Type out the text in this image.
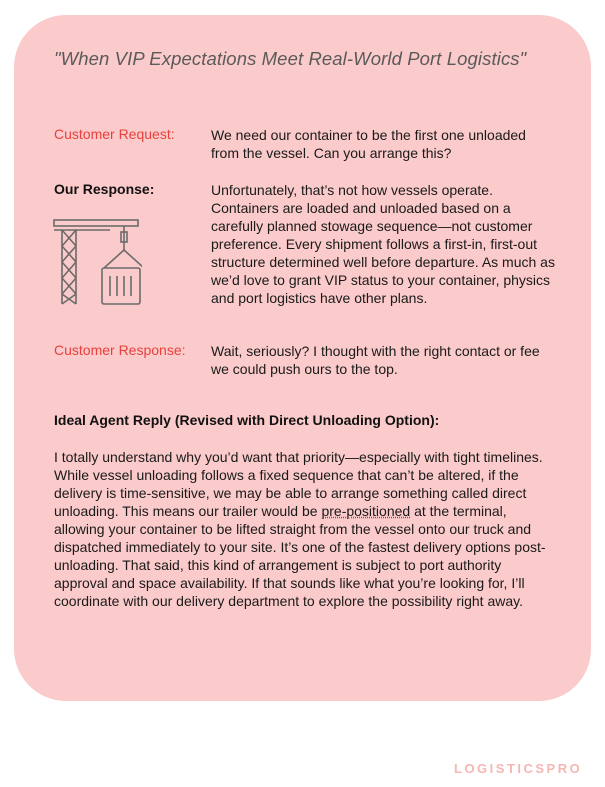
"When VIP Expectations Meet Real-World Port Logistics"
Customer Request:	We need our container to be the first one unloaded from the vessel. Can you arrange this?
Our Response:	Unfortunately, that’s not how vessels operate. Containers are loaded and unloaded based on a carefully planned stowage sequence—not customer preference. Every shipment follows a first-in, first-out structure determined well before departure. As much as we’d love to grant VIP status to your container, physics and port logistics have other plans.
Customer Response: Wait, seriously? I thought with the right contact or fee we could push ours to the top.
Ideal Agent Reply (Revised with Direct Unloading Option):

I totally understand why you’d want that priority—especially with tight timelines. While vessel unloading follows a fixed sequence that can’t be altered, if the delivery is time-sensitive, we may be able to arrange something called direct unloading. This means our trailer would be pre-positioned at the terminal, allowing your container to be lifted straight from the vessel onto our truck and dispatched immediately to your site. It’s one of the fastest delivery options post-unloading. That said, this kind of arrangement is subject to port authority approval and space availability. If that sounds like what you’re looking for, I’ll coordinate with our delivery department to explore the possibility right away.

LOGISTICSPRO
